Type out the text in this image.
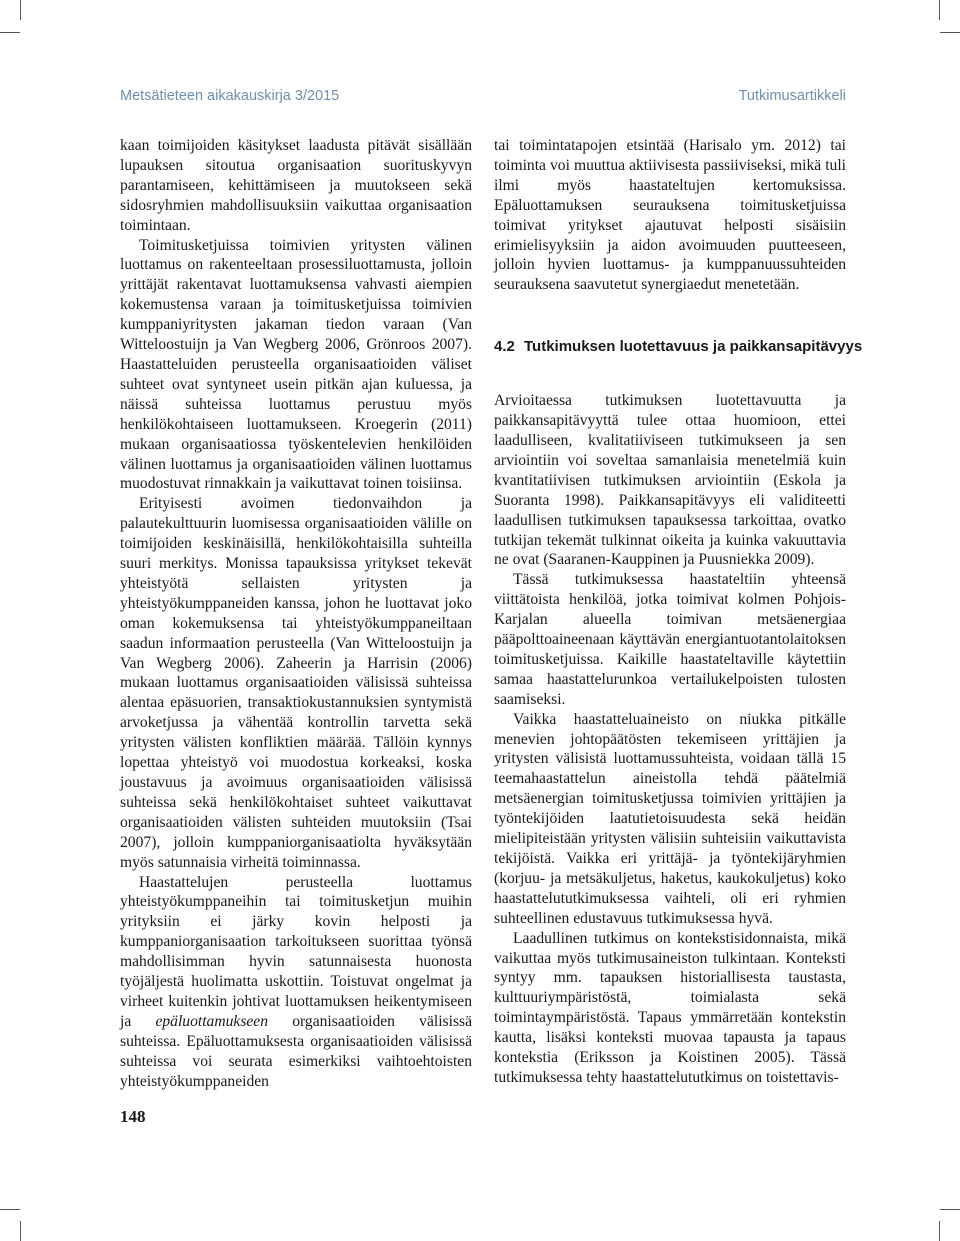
Metsätieteen aikakauskirja 3/2015	Tutkimusartikkeli

kaan toimijoiden käsitykset laadusta pitävät sisällään lupauksen sitoutua organisaation suorituskyvyn parantamiseen, kehittämiseen ja muutokseen sekä sidosryhmien mahdollisuuksiin vaikuttaa organisaation toimintaan.

Toimitusketjuissa toimivien yritysten välinen luottamus on rakenteeltaan prosessiluottamusta, jolloin yrittäjät rakentavat luottamuksensa vahvasti aiempien kokemustensa varaan ja toimitusketjuissa toimivien kumppaniyritysten jakaman tiedon varaan (Van Witteloostuijn ja Van Wegberg 2006, Grönroos 2007). Haastatteluiden perusteella organisaatioiden väliset suhteet ovat syntyneet usein pitkän ajan kuluessa, ja näissä suhteissa luottamus perustuu myös henkilökohtaiseen luottamukseen. Kroegerin (2011) mukaan organisaatiossa työskentelevien henkilöiden välinen luottamus ja organisaatioiden välinen luottamus muodostuvat rinnakkain ja vaikuttavat toinen toisiinsa.

Erityisesti avoimen tiedonvaihdon ja palautekulttuurin luomisessa organisaatioiden välille on toimijoiden keskinäisillä, henkilökohtaisilla suhteilla suuri merkitys. Monissa tapauksissa yritykset tekevät yhteistyötä sellaisten yritysten ja yhteistyökumppaneiden kanssa, johon he luottavat joko oman kokemuksensa tai yhteistyökumppaneiltaan saadun informaation perusteella (Van Witteloostuijn ja Van Wegberg 2006). Zaheerin ja Harrisin (2006) mukaan luottamus organisaatioiden välisissä suhteissa alentaa epäsuorien, transaktiokustannuksien syntymistä arvoketjussa ja vähentää kontrollin tarvetta sekä yritysten välisten konfliktien määrää. Tällöin kynnys lopettaa yhteistyö voi muodostua korkeaksi, koska joustavuus ja avoimuus organisaatioiden välisissä suhteissa sekä henkilökohtaiset suhteet vaikuttavat organisaatioiden välisten suhteiden muutoksiin (Tsai 2007), jolloin kumppaniorganisaatiolta hyväksytään myös satunnaisia virheitä toiminnassa.

Haastattelujen perusteella luottamus yhteistyökumppaneihin tai toimitusketjun muihin yrityksiin ei järky kovin helposti ja kumppaniorganisaation tarkoitukseen suorittaa työnsä mahdollisimman hyvin satunnaisesta huonosta työjäljestä huolimatta uskottiin. Toistuvat ongelmat ja virheet kuitenkin johtivat luottamuksen heikentymiseen ja epäluottamukseen organisaatioiden välisissä suhteissa. Epäluottamuksesta organisaatioiden välisissä suhteissa voi seurata esimerkiksi vaihtoehtoisten yhteistyökumppaneiden

tai toimintatapojen etsintää (Harisalo ym. 2012) tai toiminta voi muuttua aktiivisesta passiiviseksi, mikä tuli ilmi myös haastateltujen kertomuksissa. Epäluottamuksen seurauksena toimitusketjuissa toimivat yritykset ajautuvat helposti sisäisiin erimielisyyksiin ja aidon avoimuuden puutteeseen, jolloin hyvien luottamus- ja kumppanuussuhteiden seurauksena saavutetut synergiaedut menetetään.

4.2 Tutkimuksen luotettavuus ja paikkansapitävyys

Arvioitaessa tutkimuksen luotettavuutta ja paikkansapitävyyttä tulee ottaa huomioon, ettei laadulliseen, kvalitatiiviseen tutkimukseen ja sen arviointiin voi soveltaa samanlaisia menetelmiä kuin kvantitatiivisen tutkimuksen arviointiin (Eskola ja Suoranta 1998). Paikkansapitävyys eli validiteetti laadullisen tutkimuksen tapauksessa tarkoittaa, ovatko tutkijan tekemät tulkinnat oikeita ja kuinka vakuuttavia ne ovat (Saaranen-Kauppinen ja Puusniekka 2009).

Tässä tutkimuksessa haastateltiin yhteensä viittätoista henkilöä, jotka toimivat kolmen Pohjois-Karjalan alueella toimivan metsäenergiaa pääpolttoaineenaan käyttävän energiantuotantolaitoksen toimitusketjuissa. Kaikille haastateltaville käytettiin samaa haastattelurunkoa vertailukelpoisten tulosten saamiseksi.

Vaikka haastatteluaineisto on niukka pitkälle menevien johtopäätösten tekemiseen yrittäjien ja yritysten välisistä luottamussuhteista, voidaan tällä 15 teemahaastattelun aineistolla tehdä päätelmiä metsäenergian toimitusketjussa toimivien yrittäjien ja työntekijöiden laatutietoisuudesta sekä heidän mielipiteistään yritysten välisiin suhteisiin vaikuttavista tekijöistä. Vaikka eri yrittäjä- ja työntekijäryhmien (korjuu- ja metsäkuljetus, haketus, kaukokuljetus) koko haastattelututkimuksessa vaihteli, oli eri ryhmien suhteellinen edustavuus tutkimuksessa hyvä.

Laadullinen tutkimus on kontekstisidonnaista, mikä vaikuttaa myös tutkimusaineiston tulkintaan. Konteksti syntyy mm. tapauksen historiallisesta taustasta, kulttuuriympäristöstä, toimialasta sekä toimintaympäristöstä. Tapaus ymmärretään kontekstin kautta, lisäksi konteksti muovaa tapausta ja tapaus kontekstia (Eriksson ja Koistinen 2005). Tässä tutkimuksessa tehty haastattelututkimus on toistettavis-

148
